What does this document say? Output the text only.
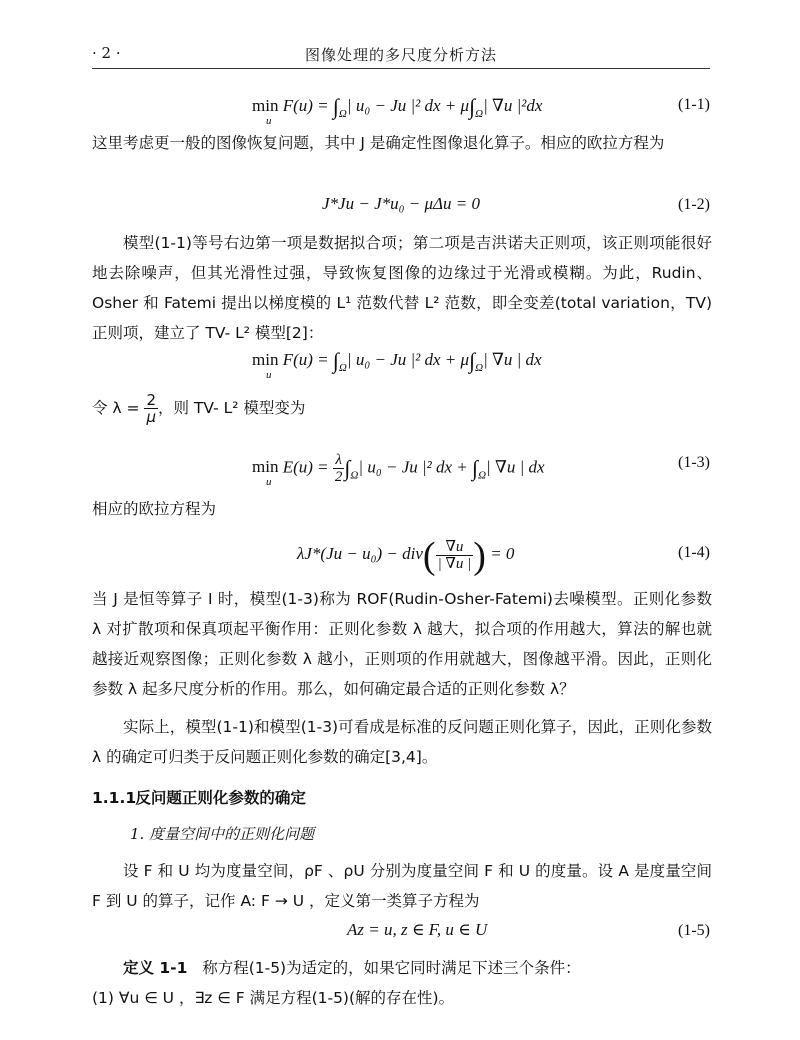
· 2 ·	图像处理的多尺度分析方法
min
u
$F(u) = \int_\Omega|$ u₀ − Ju |² dx + $\mu\int_\Omega|$ ∇u |²dx	(1-1)

这里考虑更一般的图像恢复问题，其中 J 是确定性图像退化算子。相应的欧拉方程为

J*Ju − J*u₀ − μΔu = 0	(1-2)

模型(1-1)等号右边第一项是数据拟合项；第二项是吉洪诺夫正则项，该正则项能很好地去除噪声，但其光滑性过强，导致恢复图像的边缘过于光滑或模糊。为此，Rudin、Osher 和 Fatemi 提出以梯度模的 L¹ 范数代替 L² 范数，即全变差(total variation，TV)正则项，建立了 TV- L² 模型[2]：

min
u
$F(u) = \int_\Omega|$ u₀ − Ju |² dx + $\mu\int_\Omega|$ ∇u | dx
令 $\lambda = \frac{2}{\mu}$ ，则 TV- L² 模型变为
min
u
$E(u) = \frac{\lambda}{2} \int_\Omega|$ u₀ − Ju |² dx + $\int_\Omega|$ ∇u | dx	(1-3)

相应的欧拉方程为

$\lambda J*(Ju - u_0) - div( \frac{\nabla u}{| \nabla u |}$ ) = 0	(1-4)

当 J 是恒等算子 I 时，模型(1-3)称为 ROF(Rudin-Osher-Fatemi)去噪模型。正则化参数 λ 对扩散项和保真项起平衡作用：正则化参数 λ 越大，拟合项的作用越大，算法的解也就越接近观察图像；正则化参数 λ 越小，正则项的作用就越大，图像越平滑。因此，正则化参数 λ 起多尺度分析的作用。那么，如何确定最合适的正则化参数 λ？

实际上，模型(1-1)和模型(1-3)可看成是标准的反问题正则化算子，因此，正则化参数 λ 的确定可归类于反问题正则化参数的确定[3,4]。

1.1.1 反问题正则化参数的确定
1. 度量空间中的正则化问题

设 F 和 U 均为度量空间，ρF 、ρU 分别为度量空间 F 和 U 的度量。设 A 是度量空间 F 到 U 的算子，记作 A: F → U ，定义第一类算子方程为

Az = u, z ∈ F, u ∈ U	(1-5)
定义 1-1 称方程(1-5)为适定的，如果它同时满足下述三个条件：

(1) ∀u ∈ U ，∃z ∈ F 满足方程(1-5)(解的存在性)。
